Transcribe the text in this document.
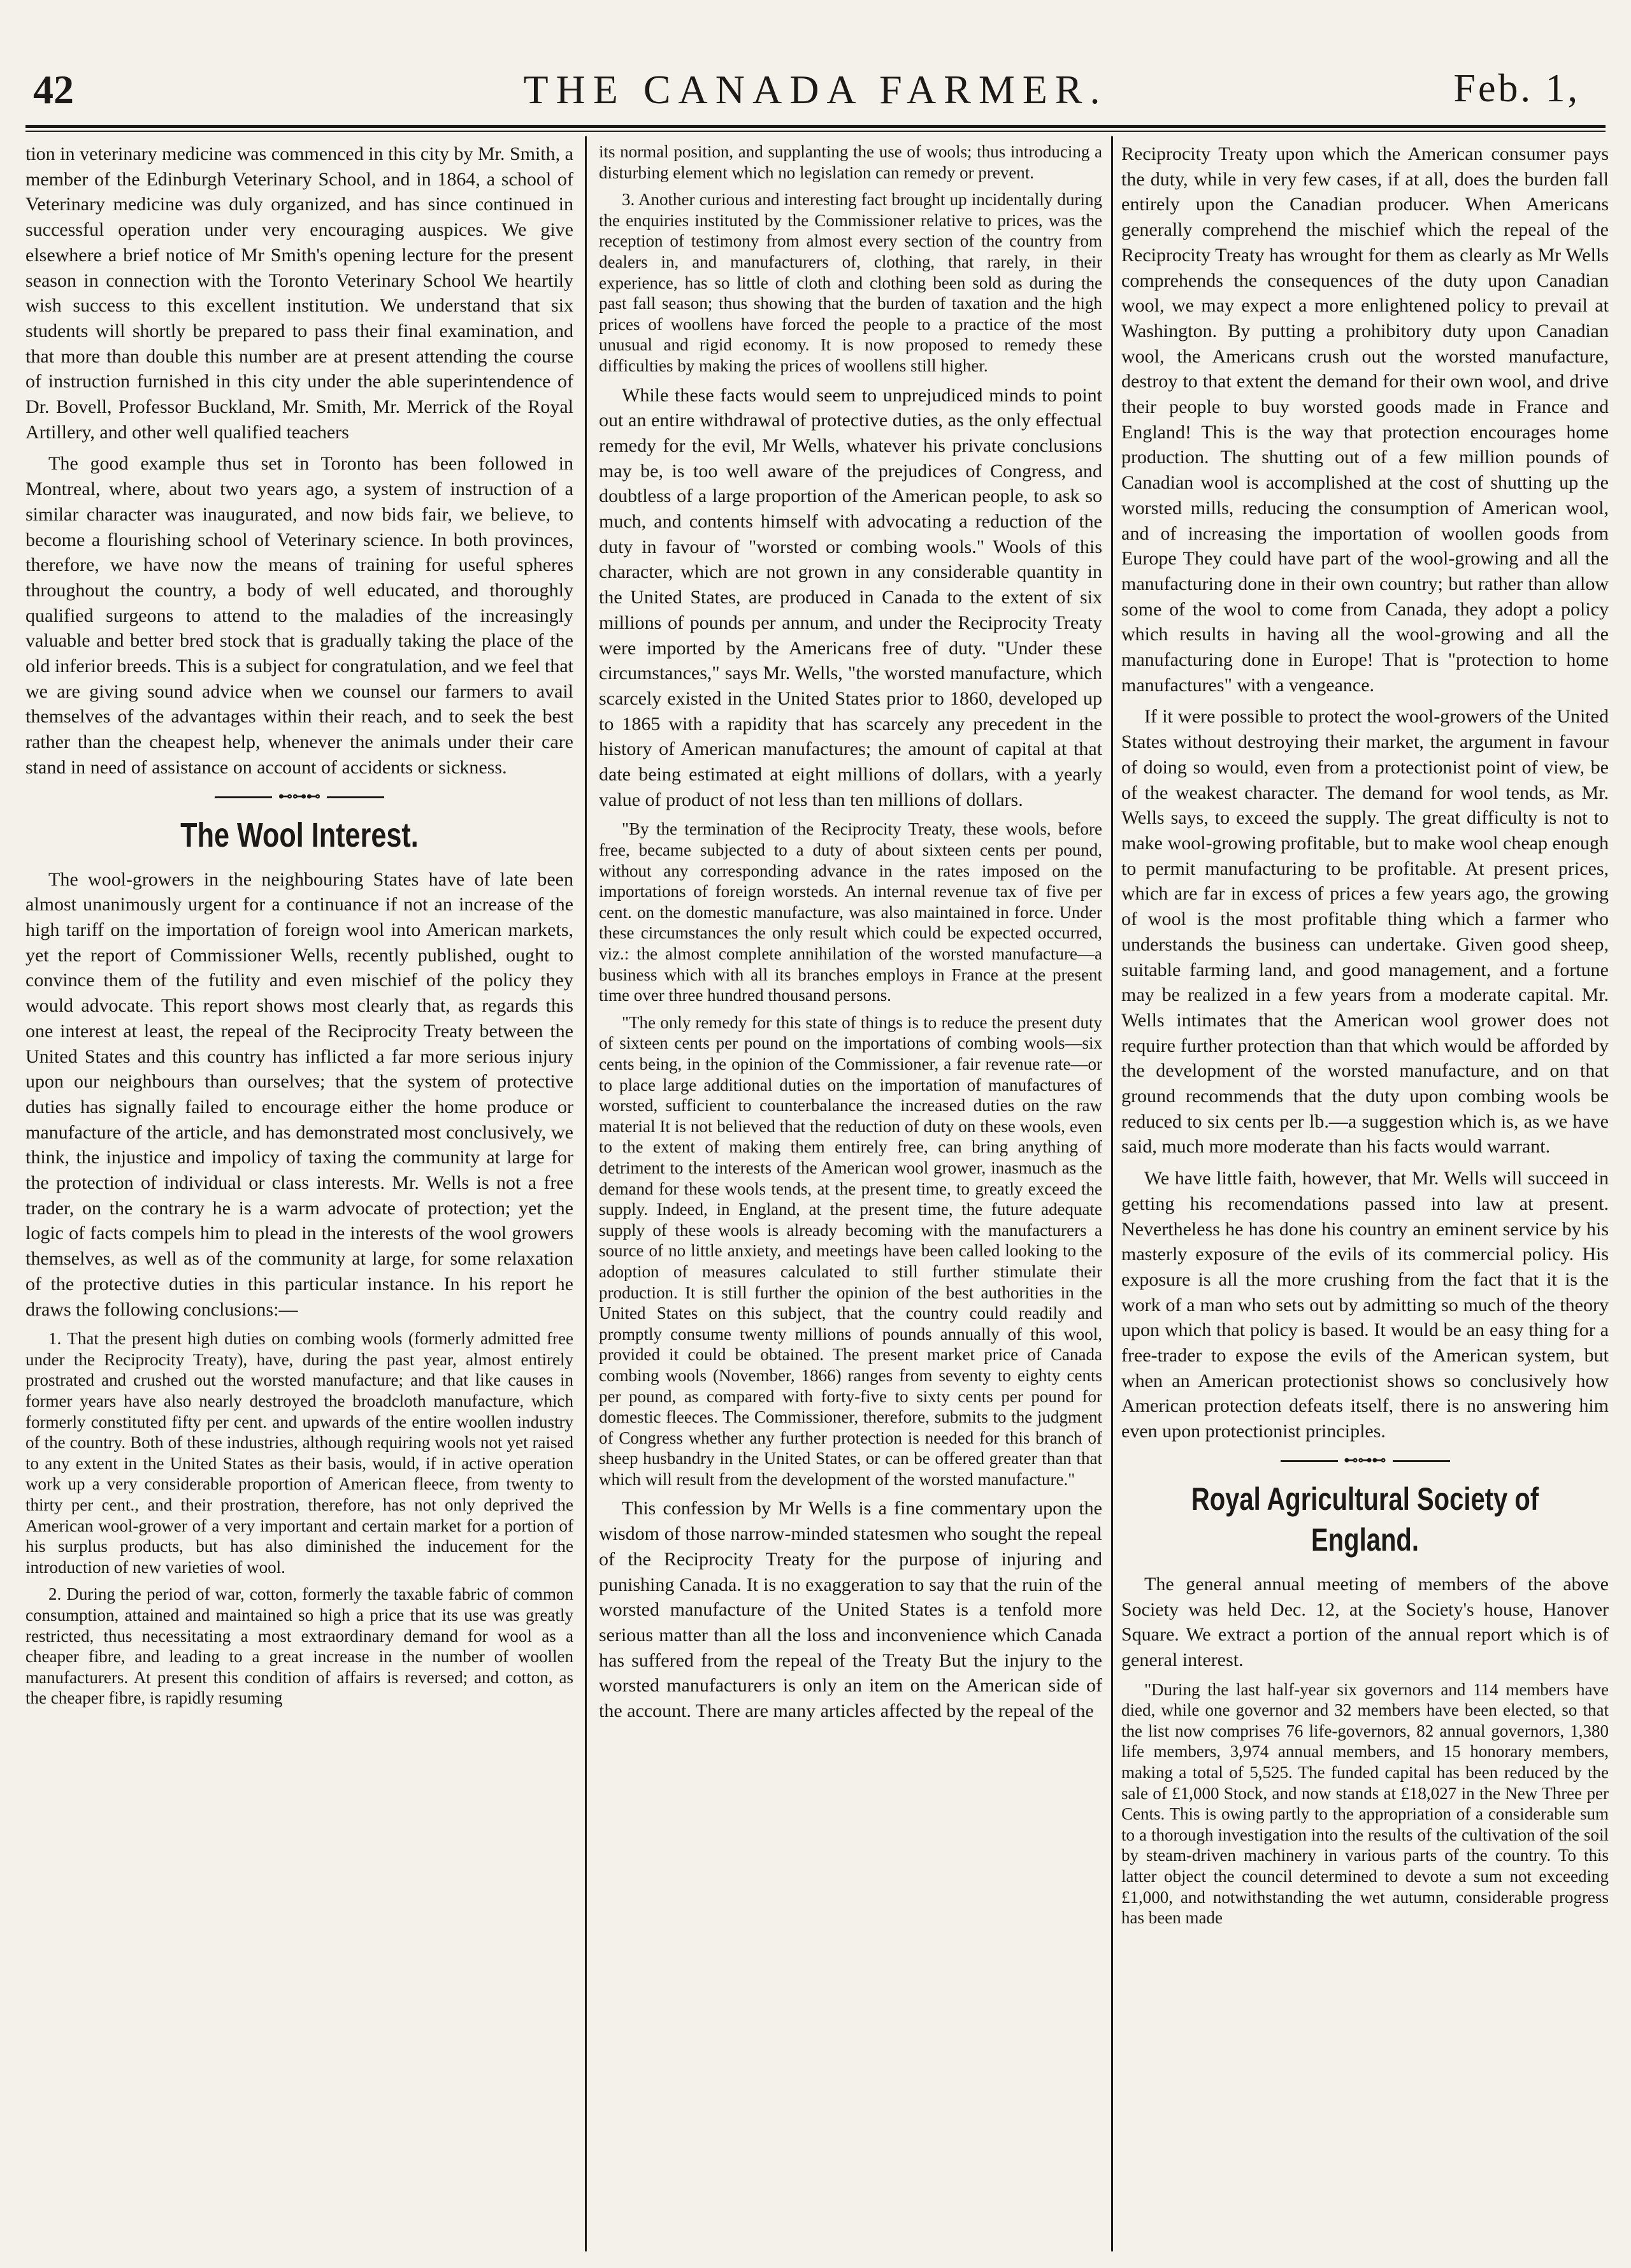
42	THE CANADA FARMER.	Feb. 1,

tion in veterinary medicine was commenced in this city by Mr. Smith, a member of the Edinburgh Veterinary School, and in 1864, a school of Veterinary medicine was duly organized, and has since continued in successful operation under very encouraging auspices. We give elsewhere a brief notice of Mr Smith's opening lecture for the present season in connection with the Toronto Veterinary School We heartily wish success to this excellent institution. We understand that six students will shortly be prepared to pass their final examination, and that more than double this number are at present attending the course of instruction furnished in this city under the able superintendence of Dr. Bovell, Professor Buckland, Mr. Smith, Mr. Merrick of the Royal Artillery, and other well qualified teachers

The good example thus set in Toronto has been followed in Montreal, where, about two years ago, a system of instruction of a similar character was inaugurated, and now bids fair, we believe, to become a flourishing school of Veterinary science. In both provinces, therefore, we have now the means of training for useful spheres throughout the country, a body of well educated, and thoroughly qualified surgeons to attend to the maladies of the increasingly valuable and better bred stock that is gradually taking the place of the old inferior breeds. This is a subject for congratulation, and we feel that we are giving sound advice when we counsel our farmers to avail themselves of the advantages within their reach, and to seek the best rather than the cheapest help, whenever the animals under their care stand in need of assistance on account of accidents or sickness.

⊷⊶⊷
The Wool Interest.

The wool-growers in the neighbouring States have of late been almost unanimously urgent for a continuance if not an increase of the high tariff on the importation of foreign wool into American markets, yet the report of Commissioner Wells, recently published, ought to convince them of the futility and even mischief of the policy they would advocate. This report shows most clearly that, as regards this one interest at least, the repeal of the Reciprocity Treaty between the United States and this country has inflicted a far more serious injury upon our neighbours than ourselves; that the system of protective duties has signally failed to encourage either the home produce or manufacture of the article, and has demonstrated most conclusively, we think, the injustice and impolicy of taxing the community at large for the protection of individual or class interests. Mr. Wells is not a free trader, on the contrary he is a warm advocate of protection; yet the logic of facts compels him to plead in the interests of the wool growers themselves, as well as of the community at large, for some relaxation of the protective duties in this particular instance. In his report he draws the following conclusions:—

1. That the present high duties on combing wools (formerly admitted free under the Reciprocity Treaty), have, during the past year, almost entirely prostrated and crushed out the worsted manufacture; and that like causes in former years have also nearly destroyed the broadcloth manufacture, which formerly constituted fifty per cent. and upwards of the entire woollen industry of the country. Both of these industries, although requiring wools not yet raised to any extent in the United States as their basis, would, if in active operation work up a very considerable proportion of American fleece, from twenty to thirty per cent., and their prostration, therefore, has not only deprived the American wool-grower of a very important and certain market for a portion of his surplus products, but has also diminished the inducement for the introduction of new varieties of wool.

2. During the period of war, cotton, formerly the taxable fabric of common consumption, attained and maintained so high a price that its use was greatly restricted, thus necessitating a most extraordinary demand for wool as a cheaper fibre, and leading to a great increase in the number of woollen manufacturers. At present this condition of affairs is reversed; and cotton, as the cheaper fibre, is rapidly resuming

its normal position, and supplanting the use of wools; thus introducing a disturbing element which no legislation can remedy or prevent.

3. Another curious and interesting fact brought up incidentally during the enquiries instituted by the Commissioner relative to prices, was the reception of testimony from almost every section of the country from dealers in, and manufacturers of, clothing, that rarely, in their experience, has so little of cloth and clothing been sold as during the past fall season; thus showing that the burden of taxation and the high prices of woollens have forced the people to a practice of the most unusual and rigid economy. It is now proposed to remedy these difficulties by making the prices of woollens still higher.

While these facts would seem to unprejudiced minds to point out an entire withdrawal of protective duties, as the only effectual remedy for the evil, Mr Wells, whatever his private conclusions may be, is too well aware of the prejudices of Congress, and doubtless of a large proportion of the American people, to ask so much, and contents himself with advocating a reduction of the duty in favour of "worsted or combing wools." Wools of this character, which are not grown in any considerable quantity in the United States, are produced in Canada to the extent of six millions of pounds per annum, and under the Reciprocity Treaty were imported by the Americans free of duty. "Under these circumstances," says Mr. Wells, "the worsted manufacture, which scarcely existed in the United States prior to 1860, developed up to 1865 with a rapidity that has scarcely any precedent in the history of American manufactures; the amount of capital at that date being estimated at eight millions of dollars, with a yearly value of product of not less than ten millions of dollars.

"By the termination of the Reciprocity Treaty, these wools, before free, became subjected to a duty of about sixteen cents per pound, without any corresponding advance in the rates imposed on the importations of foreign worsteds. An internal revenue tax of five per cent. on the domestic manufacture, was also maintained in force. Under these circumstances the only result which could be expected occurred, viz.: the almost complete annihilation of the worsted manufacture—a business which with all its branches employs in France at the present time over three hundred thousand persons.

"The only remedy for this state of things is to reduce the present duty of sixteen cents per pound on the importations of combing wools—six cents being, in the opinion of the Commissioner, a fair revenue rate—or to place large additional duties on the importation of manufactures of worsted, sufficient to counterbalance the increased duties on the raw material It is not believed that the reduction of duty on these wools, even to the extent of making them entirely free, can bring anything of detriment to the interests of the American wool grower, inasmuch as the demand for these wools tends, at the present time, to greatly exceed the supply. Indeed, in England, at the present time, the future adequate supply of these wools is already becoming with the manufacturers a source of no little anxiety, and meetings have been called looking to the adoption of measures calculated to still further stimulate their production. It is still further the opinion of the best authorities in the United States on this subject, that the country could readily and promptly consume twenty millions of pounds annually of this wool, provided it could be obtained. The present market price of Canada combing wools (November, 1866) ranges from seventy to eighty cents per pound, as compared with forty-five to sixty cents per pound for domestic fleeces. The Commissioner, therefore, submits to the judgment of Congress whether any further protection is needed for this branch of sheep husbandry in the United States, or can be offered greater than that which will result from the development of the worsted manufacture."

This confession by Mr Wells is a fine commentary upon the wisdom of those narrow-minded statesmen who sought the repeal of the Reciprocity Treaty for the purpose of injuring and punishing Canada. It is no exaggeration to say that the ruin of the worsted manufacture of the United States is a tenfold more serious matter than all the loss and inconvenience which Canada has suffered from the repeal of the Treaty But the injury to the worsted manufacturers is only an item on the American side of the account. There are many articles affected by the repeal of the

Reciprocity Treaty upon which the American consumer pays the duty, while in very few cases, if at all, does the burden fall entirely upon the Canadian producer. When Americans generally comprehend the mischief which the repeal of the Reciprocity Treaty has wrought for them as clearly as Mr Wells comprehends the consequences of the duty upon Canadian wool, we may expect a more enlightened policy to prevail at Washington. By putting a prohibitory duty upon Canadian wool, the Americans crush out the worsted manufacture, destroy to that extent the demand for their own wool, and drive their people to buy worsted goods made in France and England! This is the way that protection encourages home production. The shutting out of a few million pounds of Canadian wool is accomplished at the cost of shutting up the worsted mills, reducing the consumption of American wool, and of increasing the importation of woollen goods from Europe They could have part of the wool-growing and all the manufacturing done in their own country; but rather than allow some of the wool to come from Canada, they adopt a policy which results in having all the wool-growing and all the manufacturing done in Europe! That is "protection to home manufactures" with a vengeance.

If it were possible to protect the wool-growers of the United States without destroying their market, the argument in favour of doing so would, even from a protectionist point of view, be of the weakest character. The demand for wool tends, as Mr. Wells says, to exceed the supply. The great difficulty is not to make wool-growing profitable, but to make wool cheap enough to permit manufacturing to be profitable. At present prices, which are far in excess of prices a few years ago, the growing of wool is the most profitable thing which a farmer who understands the business can undertake. Given good sheep, suitable farming land, and good management, and a fortune may be realized in a few years from a moderate capital. Mr. Wells intimates that the American wool grower does not require further protection than that which would be afforded by the development of the worsted manufacture, and on that ground recommends that the duty upon combing wools be reduced to six cents per lb.—a suggestion which is, as we have said, much more moderate than his facts would warrant.

We have little faith, however, that Mr. Wells will succeed in getting his recomendations passed into law at present. Nevertheless he has done his country an eminent service by his masterly exposure of the evils of its commercial policy. His exposure is all the more crushing from the fact that it is the work of a man who sets out by admitting so much of the theory upon which that policy is based. It would be an easy thing for a free-trader to expose the evils of the American system, but when an American protectionist shows so conclusively how American protection defeats itself, there is no answering him even upon protectionist principles.

⊷⊶⊷
Royal Agricultural Society of England.

The general annual meeting of members of the above Society was held Dec. 12, at the Society's house, Hanover Square. We extract a portion of the annual report which is of general interest.

"During the last half-year six governors and 114 members have died, while one governor and 32 members have been elected, so that the list now comprises 76 life-governors, 82 annual governors, 1,380 life members, 3,974 annual members, and 15 honorary members, making a total of 5,525. The funded capital has been reduced by the sale of £1,000 Stock, and now stands at £18,027 in the New Three per Cents. This is owing partly to the appropriation of a considerable sum to a thorough investigation into the results of the cultivation of the soil by steam-driven machinery in various parts of the country. To this latter object the council determined to devote a sum not exceeding £1,000, and notwithstanding the wet autumn, considerable progress has been made
